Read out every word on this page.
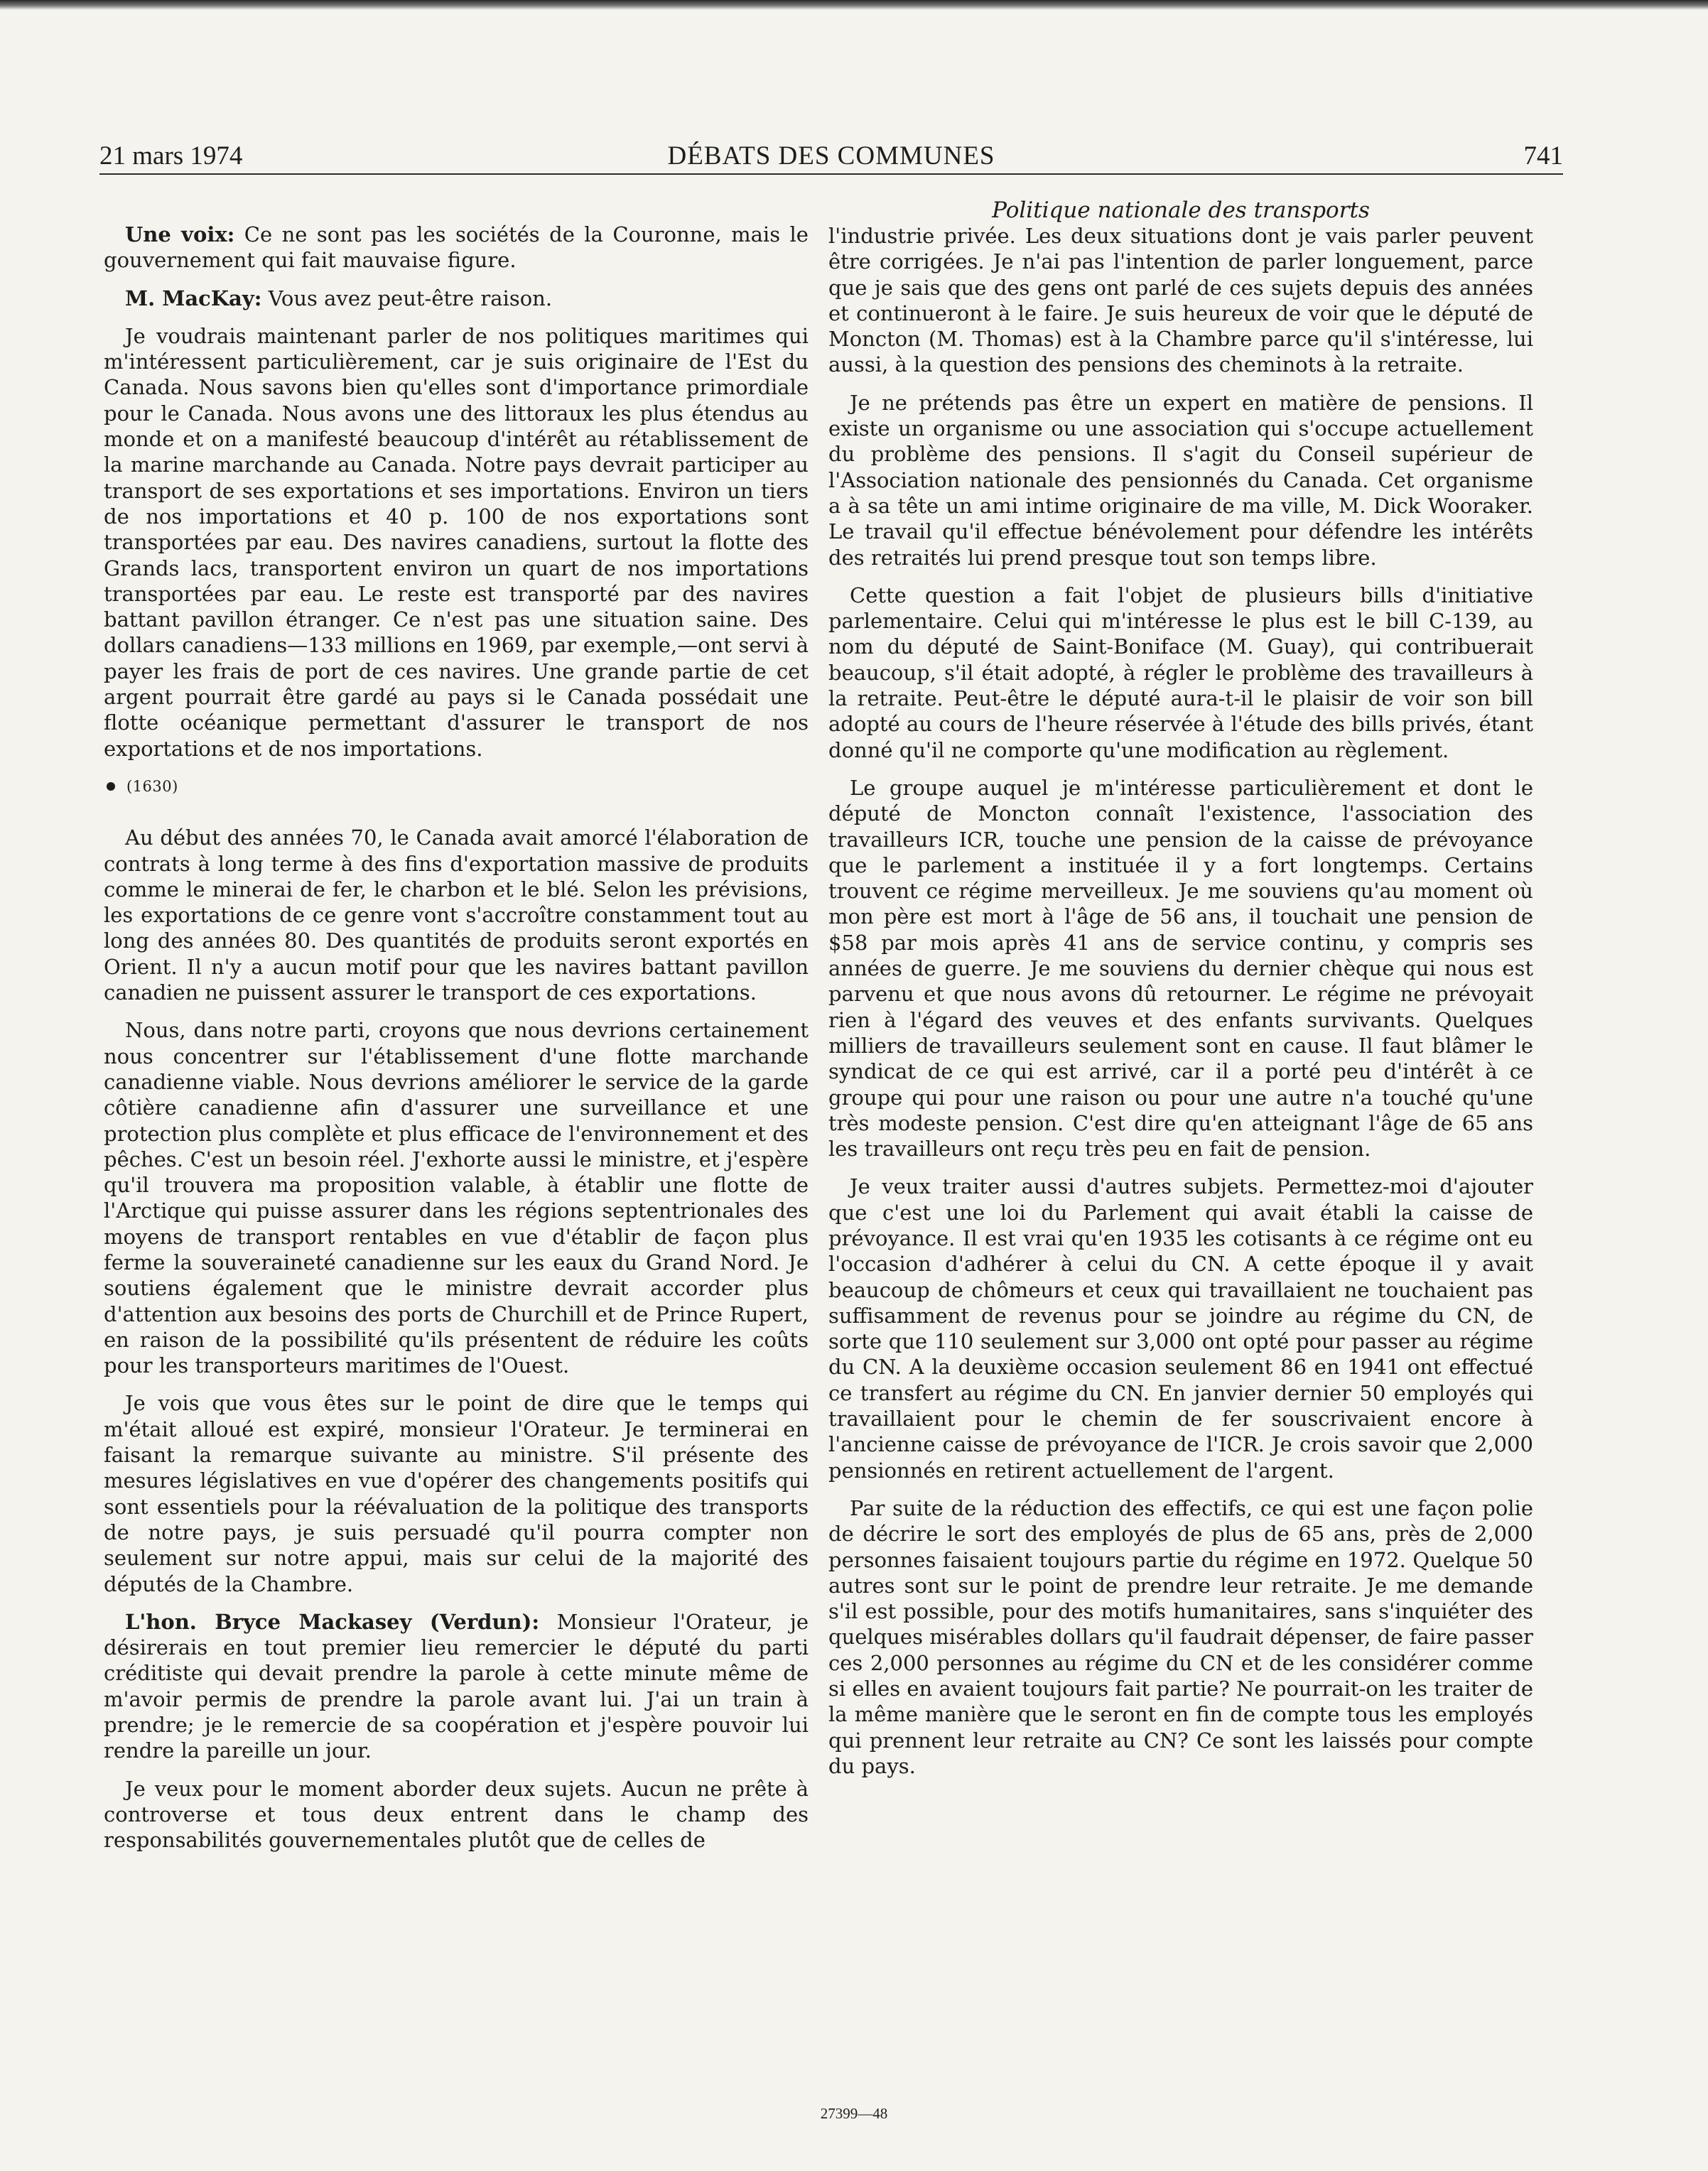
21 mars 1974	DÉBATS DES COMMUNES	741

Une voix: Ce ne sont pas les sociétés de la Couronne, mais le gouvernement qui fait mauvaise figure.

M. MacKay: Vous avez peut-être raison.

Je voudrais maintenant parler de nos politiques maritimes qui m'intéressent particulièrement, car je suis originaire de l'Est du Canada. Nous savons bien qu'elles sont d'importance primordiale pour le Canada. Nous avons une des littoraux les plus étendus au monde et on a manifesté beaucoup d'intérêt au rétablissement de la marine marchande au Canada. Notre pays devrait participer au transport de ses exportations et ses importations. Environ un tiers de nos importations et 40 p. 100 de nos exportations sont transportées par eau. Des navires canadiens, surtout la flotte des Grands lacs, transportent environ un quart de nos importations transportées par eau. Le reste est transporté par des navires battant pavillon étranger. Ce n'est pas une situation saine. Des dollars canadiens—133 millions en 1969, par exemple,—ont servi à payer les frais de port de ces navires. Une grande partie de cet argent pourrait être gardé au pays si le Canada possédait une flotte océanique permettant d'assurer le transport de nos exportations et de nos importations.

(1630)

Au début des années 70, le Canada avait amorcé l'élaboration de contrats à long terme à des fins d'exportation massive de produits comme le minerai de fer, le charbon et le blé. Selon les prévisions, les exportations de ce genre vont s'accroître constamment tout au long des années 80. Des quantités de produits seront exportés en Orient. Il n'y a aucun motif pour que les navires battant pavillon canadien ne puissent assurer le transport de ces exportations.

Nous, dans notre parti, croyons que nous devrions certainement nous concentrer sur l'établissement d'une flotte marchande canadienne viable. Nous devrions améliorer le service de la garde côtière canadienne afin d'assurer une surveillance et une protection plus complète et plus efficace de l'environnement et des pêches. C'est un besoin réel. J'exhorte aussi le ministre, et j'espère qu'il trouvera ma proposition valable, à établir une flotte de l'Arctique qui puisse assurer dans les régions septentrionales des moyens de transport rentables en vue d'établir de façon plus ferme la souveraineté canadienne sur les eaux du Grand Nord. Je soutiens également que le ministre devrait accorder plus d'attention aux besoins des ports de Churchill et de Prince Rupert, en raison de la possibilité qu'ils présentent de réduire les coûts pour les transporteurs maritimes de l'Ouest.

Je vois que vous êtes sur le point de dire que le temps qui m'était alloué est expiré, monsieur l'Orateur. Je terminerai en faisant la remarque suivante au ministre. S'il présente des mesures législatives en vue d'opérer des changements positifs qui sont essentiels pour la réévaluation de la politique des transports de notre pays, je suis persuadé qu'il pourra compter non seulement sur notre appui, mais sur celui de la majorité des députés de la Chambre.

L'hon. Bryce Mackasey (Verdun): Monsieur l'Orateur, je désirerais en tout premier lieu remercier le député du parti créditiste qui devait prendre la parole à cette minute même de m'avoir permis de prendre la parole avant lui. J'ai un train à prendre; je le remercie de sa coopération et j'espère pouvoir lui rendre la pareille un jour.

Je veux pour le moment aborder deux sujets. Aucun ne prête à controverse et tous deux entrent dans le champ des responsabilités gouvernementales plutôt que de celles de

Politique nationale des transports

l'industrie privée. Les deux situations dont je vais parler peuvent être corrigées. Je n'ai pas l'intention de parler longuement, parce que je sais que des gens ont parlé de ces sujets depuis des années et continueront à le faire. Je suis heureux de voir que le député de Moncton (M. Thomas) est à la Chambre parce qu'il s'intéresse, lui aussi, à la question des pensions des cheminots à la retraite.

Je ne prétends pas être un expert en matière de pensions. Il existe un organisme ou une association qui s'occupe actuellement du problème des pensions. Il s'agit du Conseil supérieur de l'Association nationale des pensionnés du Canada. Cet organisme a à sa tête un ami intime originaire de ma ville, M. Dick Wooraker. Le travail qu'il effectue bénévolement pour défendre les intérêts des retraités lui prend presque tout son temps libre.

Cette question a fait l'objet de plusieurs bills d'initiative parlementaire. Celui qui m'intéresse le plus est le bill C-139, au nom du député de Saint-Boniface (M. Guay), qui contribuerait beaucoup, s'il était adopté, à régler le problème des travailleurs à la retraite. Peut-être le député aura-t-il le plaisir de voir son bill adopté au cours de l'heure réservée à l'étude des bills privés, étant donné qu'il ne comporte qu'une modification au règlement.

Le groupe auquel je m'intéresse particulièrement et dont le député de Moncton connaît l'existence, l'association des travailleurs ICR, touche une pension de la caisse de prévoyance que le parlement a instituée il y a fort longtemps. Certains trouvent ce régime merveilleux. Je me souviens qu'au moment où mon père est mort à l'âge de 56 ans, il touchait une pension de $58 par mois après 41 ans de service continu, y compris ses années de guerre. Je me souviens du dernier chèque qui nous est parvenu et que nous avons dû retourner. Le régime ne prévoyait rien à l'égard des veuves et des enfants survivants. Quelques milliers de travailleurs seulement sont en cause. Il faut blâmer le syndicat de ce qui est arrivé, car il a porté peu d'intérêt à ce groupe qui pour une raison ou pour une autre n'a touché qu'une très modeste pension. C'est dire qu'en atteignant l'âge de 65 ans les travailleurs ont reçu très peu en fait de pension.

Je veux traiter aussi d'autres subjets. Permettez-moi d'ajouter que c'est une loi du Parlement qui avait établi la caisse de prévoyance. Il est vrai qu'en 1935 les cotisants à ce régime ont eu l'occasion d'adhérer à celui du CN. A cette époque il y avait beaucoup de chômeurs et ceux qui travaillaient ne touchaient pas suffisamment de revenus pour se joindre au régime du CN, de sorte que 110 seulement sur 3,000 ont opté pour passer au régime du CN. A la deuxième occasion seulement 86 en 1941 ont effectué ce transfert au régime du CN. En janvier dernier 50 employés qui travaillaient pour le chemin de fer souscrivaient encore à l'ancienne caisse de prévoyance de l'ICR. Je crois savoir que 2,000 pensionnés en retirent actuellement de l'argent.

Par suite de la réduction des effectifs, ce qui est une façon polie de décrire le sort des employés de plus de 65 ans, près de 2,000 personnes faisaient toujours partie du régime en 1972. Quelque 50 autres sont sur le point de prendre leur retraite. Je me demande s'il est possible, pour des motifs humanitaires, sans s'inquiéter des quelques misérables dollars qu'il faudrait dépenser, de faire passer ces 2,000 personnes au régime du CN et de les considérer comme si elles en avaient toujours fait partie? Ne pourrait-on les traiter de la même manière que le seront en fin de compte tous les employés qui prennent leur retraite au CN? Ce sont les laissés pour compte du pays.

27399—48
